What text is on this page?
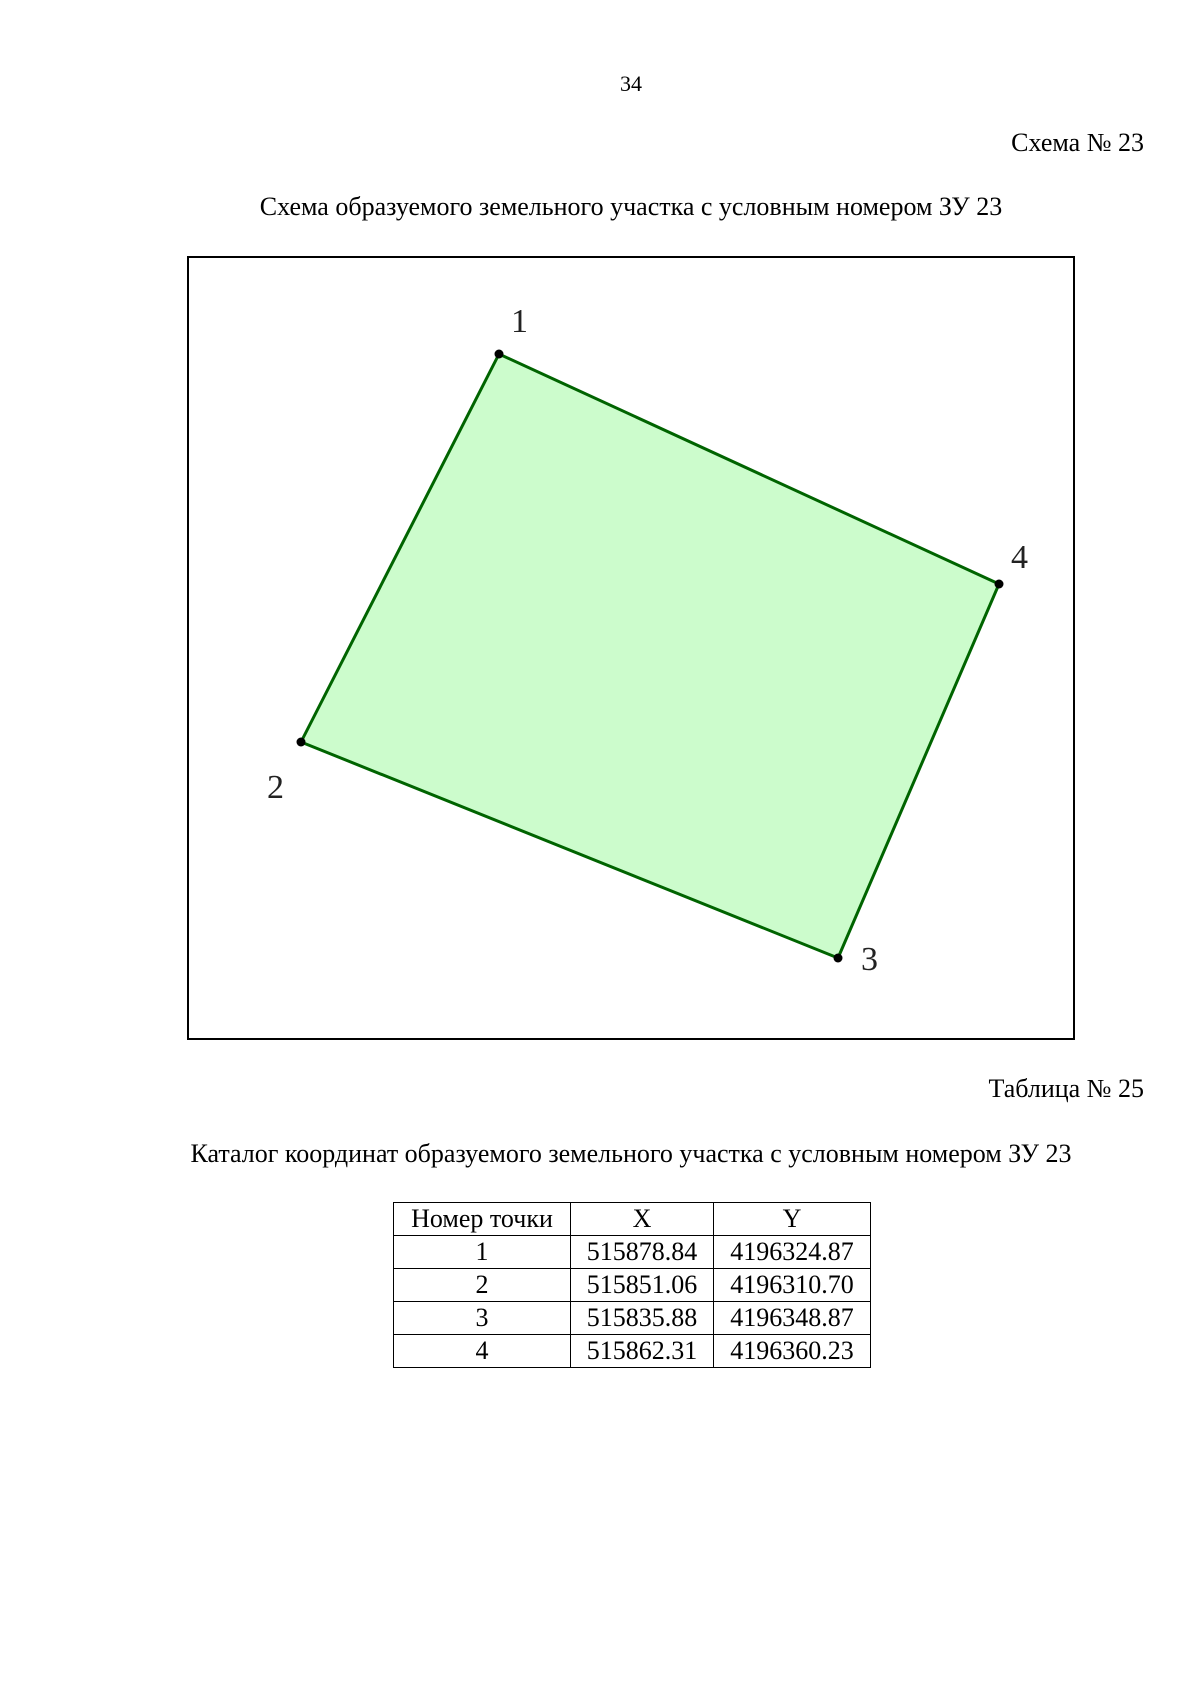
34
Схема № 23
Схема образуемого земельного участка с условным номером ЗУ 23
1
2
3
4
Таблица № 25
Каталог координат образуемого земельного участка с условным номером ЗУ 23
Номер точки	X	Y
1	515878.84	4196324.87
2	515851.06	4196310.70
3	515835.88	4196348.87
4	515862.31	4196360.23
